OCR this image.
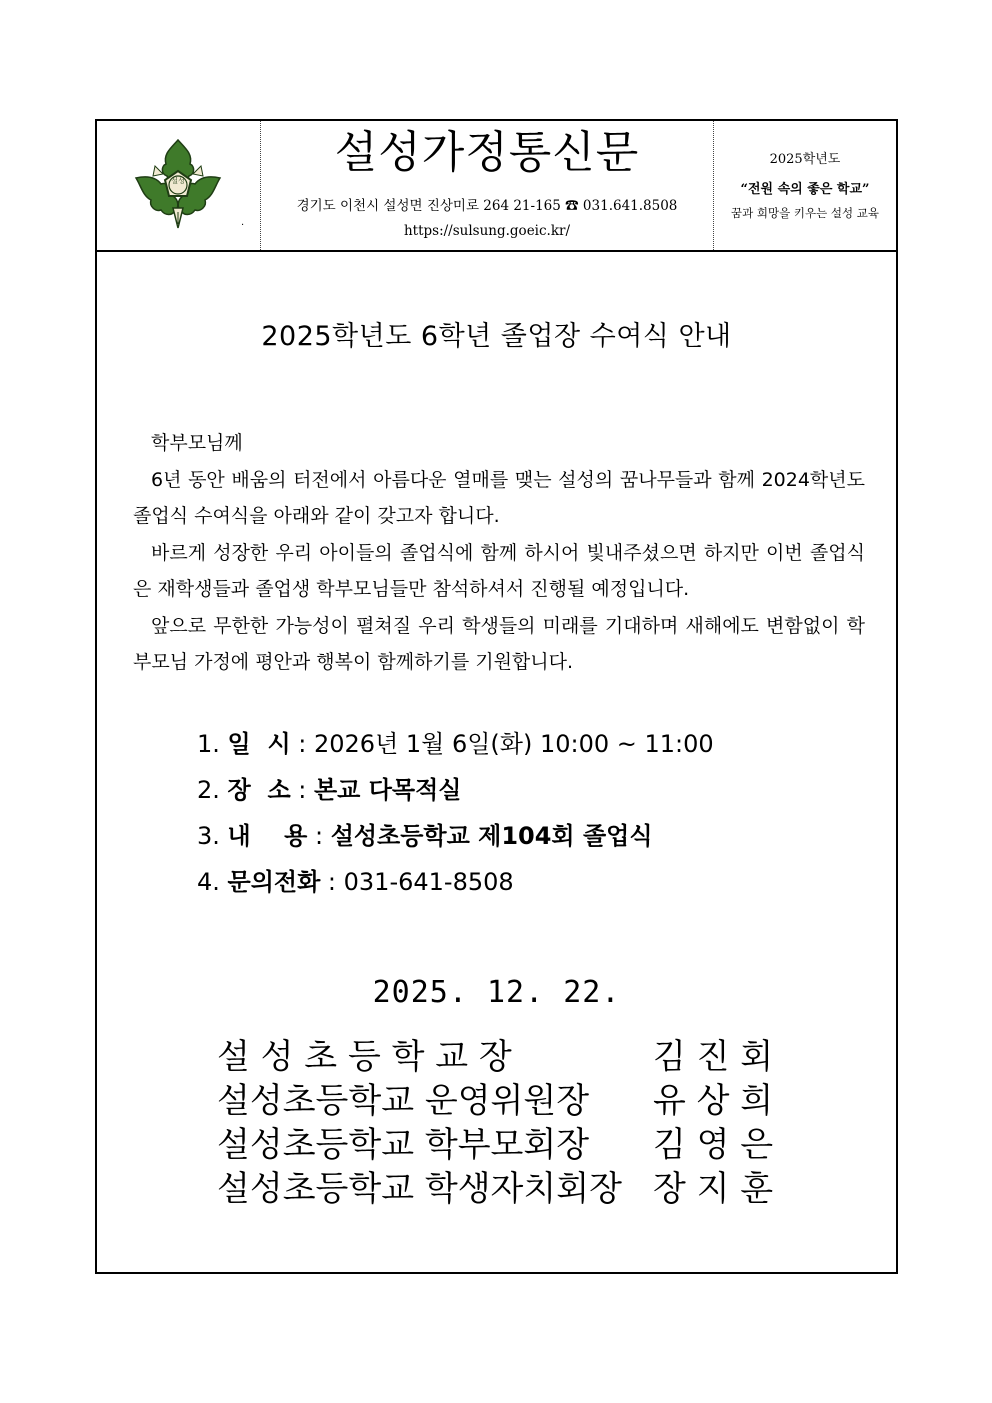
설성
.
설성가정통신문
경기도 이천시 설성면 진상미로 264 21-165 ☎ 031.641.8508
https://sulsung.goeic.kr/
2025학년도
“전원 속의 좋은 학교”
꿈과 희망을 키우는 설성 교육
2025학년도 6학년 졸업장 수여식 안내

학부모님께

6년 동안 배움의 터전에서 아름다운 열매를 맺는 설성의 꿈나무들과 함께 2024학년도 졸업식 수여식을 아래와 같이 갖고자 합니다.

바르게 성장한 우리 아이들의 졸업식에 함께 하시어 빛내주셨으면 하지만 이번 졸업식은 재학생들과 졸업생 학부모님들만 참석하셔서 진행될 예정입니다.

앞으로 무한한 가능성이 펼쳐질 우리 학생들의 미래를 기대하며 새해에도 변함없이 학부모님 가정에 평안과 행복이 함께하기를 기원합니다.

1. 일  시 : 2026년 1월 6일(화) 10:00 ~ 11:00
2. 장  소 : 본교 다목적실
3. 내    용 : 설성초등학교 제104회 졸업식
4. 문의전화 : 031-641-8508
2025. 12. 22.
설 성 초 등 학 교 장	김 진 회
설성초등학교 운영위원장 유 상 희
설성초등학교 학부모회장 김 영 은
설성초등학교 학생자치회장 장 지 훈
